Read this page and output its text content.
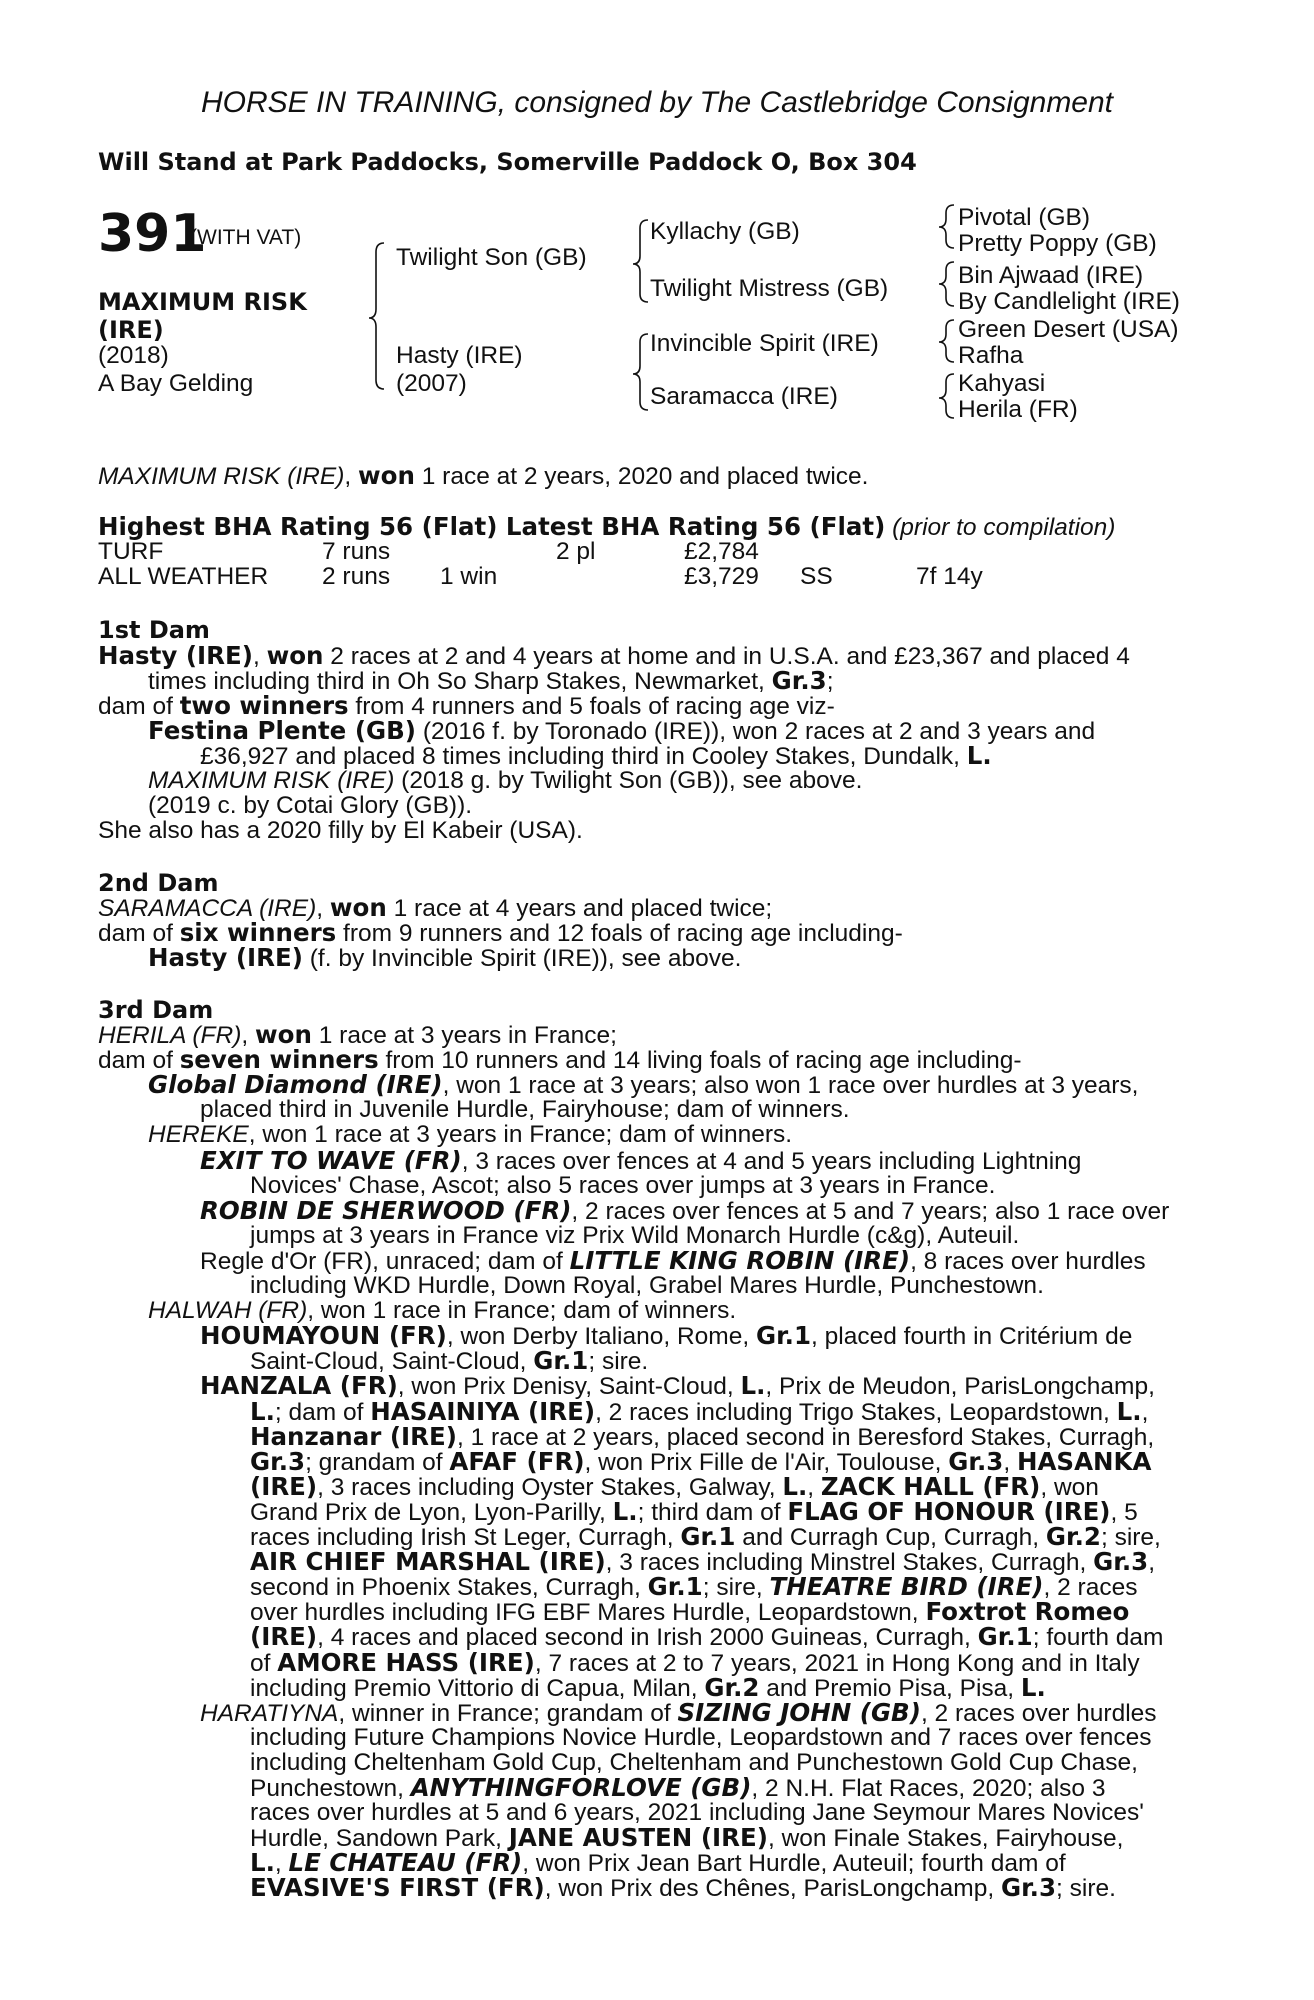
HORSE IN TRAINING, consigned by The Castlebridge Consignment
Will Stand at Park Paddocks, Somerville Paddock O, Box 304
391
(WITH VAT)
MAXIMUM RISK
(IRE)
(2018)
A Bay Gelding
Twilight Son (GB)
Hasty (IRE)
(2007)
Kyllachy (GB)
Twilight Mistress (GB)
Invincible Spirit (IRE)
Saramacca (IRE)
Pivotal (GB)
Pretty Poppy (GB)
Bin Ajwaad (IRE)
By Candlelight (IRE)
Green Desert (USA)
Rafha
Kahyasi
Herila (FR)
MAXIMUM RISK (IRE), won 1 race at 2 years, 2020 and placed twice.
Highest BHA Rating 56 (Flat) Latest BHA Rating 56 (Flat) (prior to compilation)
TURF	7 runs	2 pl	£2,784
ALL WEATHER 2 runs 1 win	£3,729 SS	7f 14y
1st Dam
Hasty (IRE), won 2 races at 2 and 4 years at home and in U.S.A. and £23,367 and placed 4
times including third in Oh So Sharp Stakes, Newmarket, Gr.3;
dam of two winners from 4 runners and 5 foals of racing age viz-
Festina Plente (GB) (2016 f. by Toronado (IRE)), won 2 races at 2 and 3 years and
£36,927 and placed 8 times including third in Cooley Stakes, Dundalk, L.
MAXIMUM RISK (IRE) (2018 g. by Twilight Son (GB)), see above.
(2019 c. by Cotai Glory (GB)).
She also has a 2020 filly by El Kabeir (USA).
2nd Dam
SARAMACCA (IRE), won 1 race at 4 years and placed twice;
dam of six winners from 9 runners and 12 foals of racing age including-
Hasty (IRE) (f. by Invincible Spirit (IRE)), see above.
3rd Dam
HERILA (FR), won 1 race at 3 years in France;
dam of seven winners from 10 runners and 14 living foals of racing age including-
Global Diamond (IRE), won 1 race at 3 years; also won 1 race over hurdles at 3 years,
placed third in Juvenile Hurdle, Fairyhouse; dam of winners.
HEREKE, won 1 race at 3 years in France; dam of winners.
EXIT TO WAVE (FR), 3 races over fences at 4 and 5 years including Lightning
Novices' Chase, Ascot; also 5 races over jumps at 3 years in France.
ROBIN DE SHERWOOD (FR), 2 races over fences at 5 and 7 years; also 1 race over
jumps at 3 years in France viz Prix Wild Monarch Hurdle (c&g), Auteuil.
Regle d'Or (FR), unraced; dam of LITTLE KING ROBIN (IRE), 8 races over hurdles
including WKD Hurdle, Down Royal, Grabel Mares Hurdle, Punchestown.
HALWAH (FR), won 1 race in France; dam of winners.
HOUMAYOUN (FR), won Derby Italiano, Rome, Gr.1, placed fourth in Critérium de
Saint-Cloud, Saint-Cloud, Gr.1; sire.
HANZALA (FR), won Prix Denisy, Saint-Cloud, L., Prix de Meudon, ParisLongchamp,
L.; dam of HASAINIYA (IRE), 2 races including Trigo Stakes, Leopardstown, L.,
Hanzanar (IRE), 1 race at 2 years, placed second in Beresford Stakes, Curragh,
Gr.3; grandam of AFAF (FR), won Prix Fille de l'Air, Toulouse, Gr.3, HASANKA
(IRE), 3 races including Oyster Stakes, Galway, L., ZACK HALL (FR), won
Grand Prix de Lyon, Lyon-Parilly, L.; third dam of FLAG OF HONOUR (IRE), 5
races including Irish St Leger, Curragh, Gr.1 and Curragh Cup, Curragh, Gr.2; sire,
AIR CHIEF MARSHAL (IRE), 3 races including Minstrel Stakes, Curragh, Gr.3,
second in Phoenix Stakes, Curragh, Gr.1; sire, THEATRE BIRD (IRE), 2 races
over hurdles including IFG EBF Mares Hurdle, Leopardstown, Foxtrot Romeo
(IRE), 4 races and placed second in Irish 2000 Guineas, Curragh, Gr.1; fourth dam
of AMORE HASS (IRE), 7 races at 2 to 7 years, 2021 in Hong Kong and in Italy
including Premio Vittorio di Capua, Milan, Gr.2 and Premio Pisa, Pisa, L.
HARATIYNA, winner in France; grandam of SIZING JOHN (GB), 2 races over hurdles
including Future Champions Novice Hurdle, Leopardstown and 7 races over fences
including Cheltenham Gold Cup, Cheltenham and Punchestown Gold Cup Chase,
Punchestown, ANYTHINGFORLOVE (GB), 2 N.H. Flat Races, 2020; also 3
races over hurdles at 5 and 6 years, 2021 including Jane Seymour Mares Novices'
Hurdle, Sandown Park, JANE AUSTEN (IRE), won Finale Stakes, Fairyhouse,
L., LE CHATEAU (FR), won Prix Jean Bart Hurdle, Auteuil; fourth dam of
EVASIVE'S FIRST (FR), won Prix des Chênes, ParisLongchamp, Gr.3; sire.
